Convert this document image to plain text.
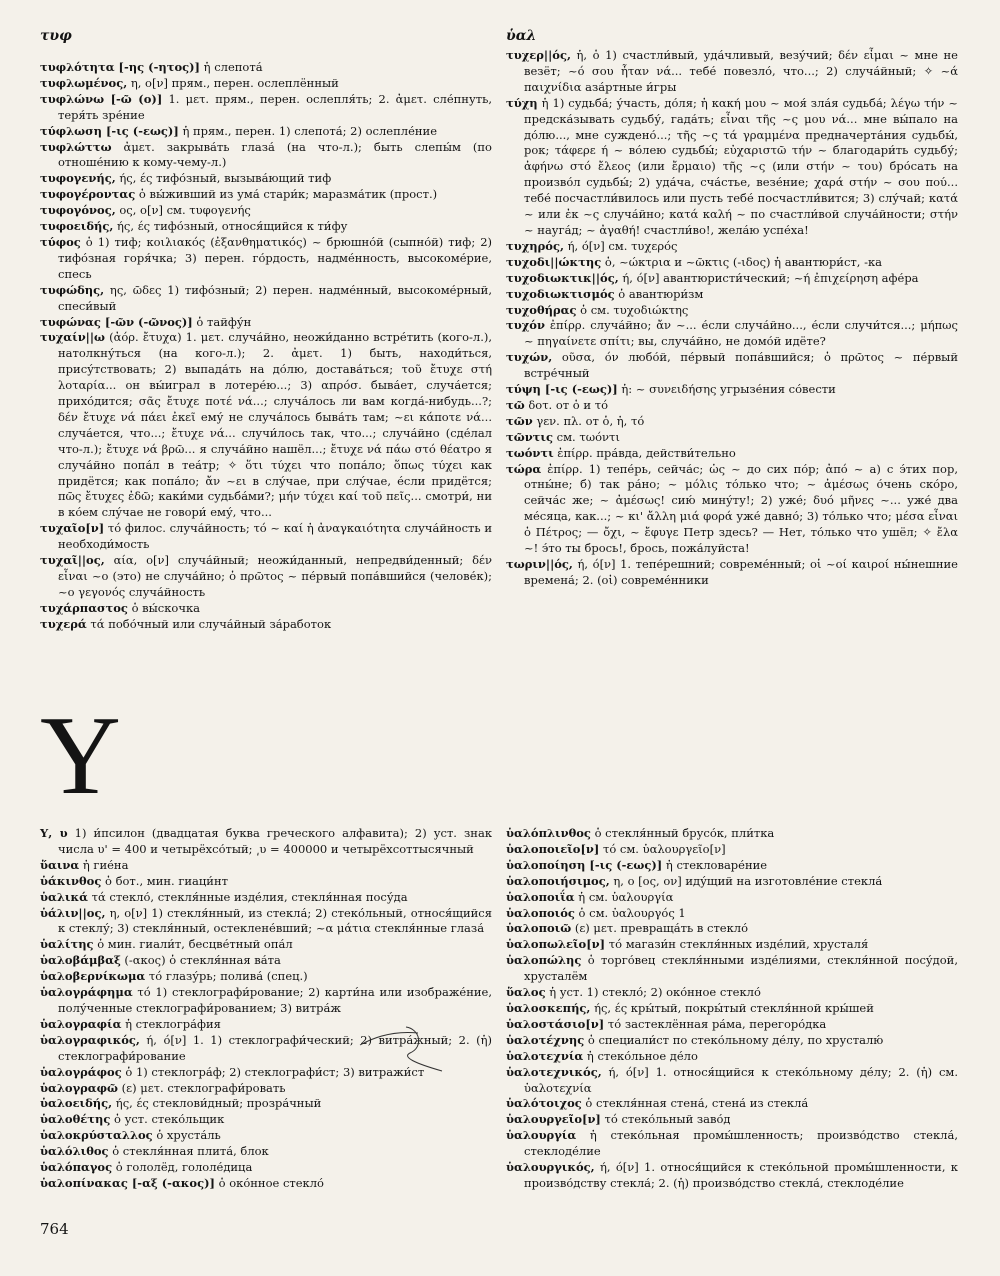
τυφ	ὑαλ

τυφλότητα [-ης (-ητος)] ἡ слепота́

τυφλωμένος, η, ο[ν] прям., перен. ослеплённый

τυφλώνω [-ῶ (ο)] 1. μετ. прям., перен. ослепля́ть; 2. ἀμετ. сле́пнуть, теря́ть зре́ние

τύφλωση [-ις (-εως)] ἡ прям., перен. 1) слепота́; 2) ослепле́ние

τυφλώττω ἀμετ. закрыва́ть глаза́ (на что-л.); быть слепы́м (по отноше́нию к кому-чему-л.)

τυφογενής, ής, ές тифо́зный, вызыва́ющий тиф

τυφογέροντας ὁ вы́живший из ума́ стари́к; маразма́тик (прост.)

τυφογόνος, ος, ο[ν] см. τυφογενής

τυφοειδής, ής, ές тифо́зный, относя́щийся к ти́фу

τύφος ὁ 1) тиф; κοιλιακός (ἐξανθηματικός) ~ брюшно́й (сыпно́й) тиф; 2) тифо́зная горя́чка; 3) перен. го́рдость, надме́нность, высокоме́рие, спесь

τυφώδης, ης, ῶδες 1) тифо́зный; 2) перен. надме́нный, высокоме́рный, спеси́вый

τυφώνας [-ῶν (-ῶνος)] ὁ тайфу́н

τυχαίν||ω (ἀόρ. ἔτυχα) 1. μετ. случа́йно, неожи́данно встре́тить (кого-л.), натолкну́ться (на кого-л.); 2. ἀμετ. 1) быть, находи́ться, прису́тствовать; 2) выпада́ть на до́лю, достава́ться; τοῦ ἔτυχε στή λοταρία... он вы́играл в лотере́ю...; 3) απρόσ. быва́ет, случа́ется; прихо́дится; σᾶς ἔτυχε ποτέ νά...; случа́лось ли вам когда́-нибудь...?; δέν ἔτυχε νά πάει ἐκεῖ ему́ не случа́лось быва́ть там; ~ει κάποτε νά... случа́ется, что...; ἔτυχε νά... случи́лось так, что...; случа́йно (сде́лал что-л.); ἔτυχε νά βρῶ... я случа́йно нашёл...; ἔτυχε νά πάω στό θέατρο я случа́йно попа́л в теа́тр; ✧ ὅτι τύχει что попа́ло; ὅπως τύχει как придётся; как попа́ло; ἄν ~ει в слу́чае, при слу́чае, е́сли придётся; πῶς ἔτυχες ἐδῶ; каки́ми судьба́ми?; μήν τύχει καί τοῦ πεῖς... смотри́, ни в ко́ем слу́чае не говори́ ему́, что...

τυχαῖο[ν] τό филос. случа́йность; τό ~ καί ἡ ἀναγκαιότητα случа́йность и необходи́мость

τυχαῖ||ος, αία, ο[ν] случа́йный; неожи́данный, непредви́денный; δέν εἶναι ~ο (это) не случа́йно; ὁ πρῶτος ~ пе́рвый попа́вшийся (челове́к); ~ο γεγονός случа́йность

τυχάρπαστος ὁ вы́скочка

τυχερά τά побо́чный или случа́йный за́работок

τυχερ||ός, ἡ, ὁ 1) счастли́вый, уда́чливый, везу́чий; δέν εἶμαι ~ мне не везёт; ~ό σου ἦταν νά... тебе́ повезло́, что...; 2) случа́йный; ✧ ~ά παιχνίδια аза́ртные и́гры

τύχη ἡ 1) судьба́; у́часть, до́ля; ἡ κακή μου ~ моя́ зла́я судьба́; λέγω τήν ~ предска́зывать судьбу́, гада́ть; εἶναι τῆς ~ς μου νά... мне вы́пало на до́лю..., мне суждено́...; τῆς ~ς τά γραμμένα предначерта́ния судьбы́, рок; τάφερε ή ~ во́лею судьбы́; εὐχαριστῶ τήν ~ благодари́ть судьбу́; ἀφήνω στό ἔλεος (или ἔρμαιο) τῆς ~ς (или στήν ~ του) бро́сать на произво́л судьбы́; 2) уда́ча, сча́стье, везе́ние; χαρά στήν ~ σου πού... тебе́ посчастли́вилось или пусть тебе́ посчастли́вится; 3) слу́чай; κατά ~ или ἐκ ~ς случа́йно; κατά καλή ~ по счастли́вой случа́йности; στήν ~ науга́д; ~ ἀγαθή! счастли́во!, жела́ю успе́ха!

τυχηρός, ή, ό[ν] см. τυχερός

τυχοδι||ώκτης ὁ, ~ώκτρια и ~ῶκτις (-ιδος) ἡ авантюри́ст, -ка

τυχοδιωκτικ||ός, ή, ό[ν] авантюристи́ческий; ~ή ἐπιχείρηση афе́ра

τυχοδιωκτισμός ὁ авантюри́зм

τυχοθήρας ὁ см. τυχοδιώκτης

τυχόν ἐπίρρ. случа́йно; ἄν ~... е́сли случа́йно..., е́сли случи́тся...; μήπως ~ πηγαίνετε σπίτι; вы, случа́йно, не домо́й идёте?

τυχών, οῦσα, όν любо́й, пе́рвый попа́вшийся; ὁ πρῶτος ~ пе́рвый встре́чный

τύψη [-ις (-εως)] ἡ: ~ συνειδήσης угрызе́ния со́вести

τῶ δοτ. от ὁ и τό

τῶν γεν. πλ. от ὁ, ἡ, τό

τῶντις см. τωόντι

τωόντι ἐπίρρ. пра́вда, действи́тельно

τώρα ἐπίρρ. 1) тепе́рь, сейча́с; ὡς ~ до сих по́р; ἀπό ~ а) с э́тих пор, отны́не; б) так ра́но; ~ μόλις то́лько что; ~ ἀμέσως о́чень ско́ро, сейча́с же; ~ ἀμέσως! сию́ мину́ту!; 2) уже́; δυό μῆνες ~... уже́ два ме́сяца, как...; ~ κι' ἄλλη μιά φορά уже́ давно́; 3) то́лько что; μέσα εἶναι ὁ Πέτρος; — ὄχι, ~ ἔφυγε Петр здесь? — Нет, то́лько что ушёл; ✧ ἔλα ~! э́то ты брось!, брось, пожа́луйста!

τωριν||ός, ή, ό[ν] 1. тепе́решний; совреме́нный; οἱ ~οί καιροί ны́нешние времена́; 2. (οἱ) совреме́нники

Υ

Υ, υ 1) и́псилон (двадцатая буква греческого алфавита); 2) уст. знак числа υ' = 400 и четырёхсо́тый; ͵υ = 400000 и четырёхсоттысячный

ὕαινα ἡ гие́на

ὑάκινθος ὁ бот., мин. гиаци́нт

ὑαλικά τά стекло́, стекля́нные изде́лия, стекля́нная посу́да

ὑάλιν||ος, η, ο[ν] 1) стекля́нный, из стекла́; 2) стеко́льный, относя́щийся к стеклу́; 3) стекля́нный, остеклене́вший; ~α μάτια стекля́нные глаза́

ὑαλίτης ὁ мин. гиали́т, бесцве́тный опа́л

ὑαλοβάμβαξ (-ακος) ὁ стекля́нная ва́та

ὑαλοβερνίκωμα τό глазу́рь; полива́ (спец.)

ὑαλογράφημα τό 1) стеклографи́рование; 2) карти́на или изображе́ние, полу́ченные стеклографи́рованием; 3) витра́ж

ὑαλογραφία ἡ стеклогра́фия

ὑαλογραφικός, ή, ό[ν] 1. 1) стеклографи́ческий; 2) витра́жный; 2. (ἡ) стеклографи́рование

ὑαλογράφος ὁ 1) стеклогра́ф; 2) стеклографи́ст; 3) витражи́ст

ὑαλογραφῶ (ε) μετ. стеклографи́ровать

ὑαλοειδής, ής, ές стеклови́дный; прозра́чный

ὑαλοθέτης ὁ уст. стеко́льщик

ὑαλοκρύσταλλος ὁ хруста́ль

ὑαλόλιθος ὁ стекля́нная плита́, блок

ὑαλόπαγος ὁ гололёд, гололе́дица

ὑαλοπίνακας [-αξ (-ακος)] ὁ око́нное стекло́

ὑαλόπλινθος ὁ стекля́нный брусо́к, пли́тка

ὑαλοποιεῖο[ν] τό см. ὑαλουργεῖο[ν]

ὑαλοποίηση [-ις (-εως)] ἡ стекловаре́ние

ὑαλοποιήσιμος, η, ο [ος, ον] иду́щий на изготовле́ние стекла́

ὑαλοποιΐα ἡ см. ὑαλουργία

ὑαλοποιός ὁ см. ὑαλουργός 1

ὑαλοποιῶ (ε) μετ. превраща́ть в стекло́

ὑαλοπωλεῖο[ν] τό магази́н стекля́нных изде́лий, хрусталя́

ὑαλοπώλης ὁ торго́вец стекля́нными изде́лиями, стекля́нной посу́дой, хрусталём

ὕαλος ἡ уст. 1) стекло́; 2) око́нное стекло́

ὑαλοσκεπής, ής, ές кры́тый, покры́тый стекля́нной кры́шей

ὑαλοστάσιο[ν] τό застеклённая ра́ма, перегоро́дка

ὑαλοτέχνης ὁ специали́ст по стеко́льному де́лу, по хрусталю́

ὑαλοτεχνία ἡ стеко́льное де́ло

ὑαλοτεχνικός, ή, ό[ν] 1. относя́щийся к стеко́льному де́лу; 2. (ἡ) см. ὑαλοτεχνία

ὑαλότοιχος ὁ стекля́нная стена́, стена́ из стекла́

ὑαλουργεῖο[ν] τό стеко́льный заво́д

ὑαλουργία ἡ стеко́льная промы́шленность; произво́дство стекла́, стеклоде́лие

ὑαλουργικός, ή, ό[ν] 1. относя́щийся к стеко́льной промы́шленности, к произво́дству стекла́; 2. (ἡ) произво́дство стекла́, стеклоде́лие

764
